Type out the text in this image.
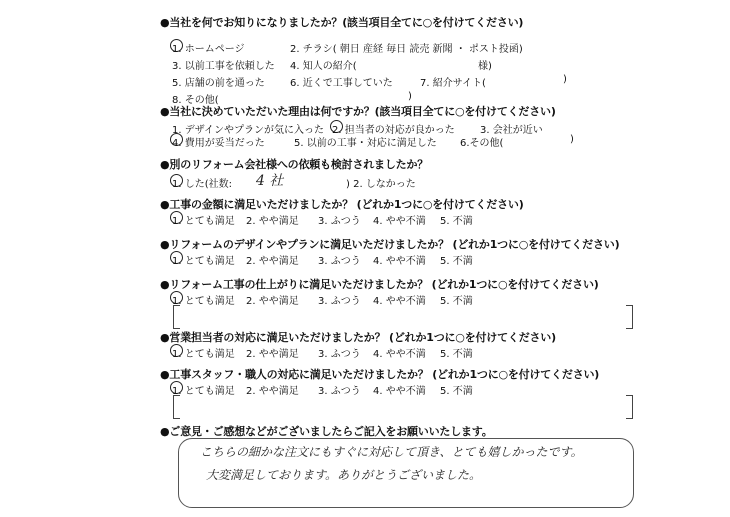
●当社を何でお知りになりましたか？(該当項目全てに○を付けてください)
1. ホームページ	2. チラシ( 朝日 産経 毎日 読売 新聞 ・ ポスト投函)
3. 以前工事を依頼した 4. 知人の紹介(	様)
5. 店舗の前を通った	6. 近くで工事していた	7. 紹介サイト(	)
8. その他(	)
●当社に決めていただいた理由は何ですか？(該当項目全てに○を付けてください)
1. デザインやプランが気に入った 2. 担当者の対応が良かった	3. 会社が近い
4. 費用が妥当だった	5. 以前の工事・対応に満足した 6.その他(	)
●別のリフォーム会社様への依頼も検討されましたか？
1. した(社数: 4 社	) 2. しなかった
●工事の金額に満足いただけましたか？ (どれか1つに○を付けてください)
1. とても満足 2. やや満足 3. ふつう 4. やや不満 5. 不満
●リフォームのデザインやプランに満足いただけましたか？ (どれか1つに○を付けてください)
1. とても満足 2. やや満足 3. ふつう 4. やや不満 5. 不満
●リフォーム工事の仕上がりに満足いただけましたか？ (どれか1つに○を付けてください)
1. とても満足 2. やや満足 3. ふつう 4. やや不満 5. 不満
●営業担当者の対応に満足いただけましたか？ (どれか1つに○を付けてください)
1. とても満足 2. やや満足 3. ふつう 4. やや不満 5. 不満
●工事スタッフ・職人の対応に満足いただけましたか？ (どれか1つに○を付けてください)
1. とても満足 2. やや満足 3. ふつう 4. やや不満 5. 不満
●ご意見・ご感想などがございましたらご記入をお願いいたします。
こちらの細かな注文にもすぐに対応して頂き、とても嬉しかったです。
大変満足しております。ありがとうございました。
